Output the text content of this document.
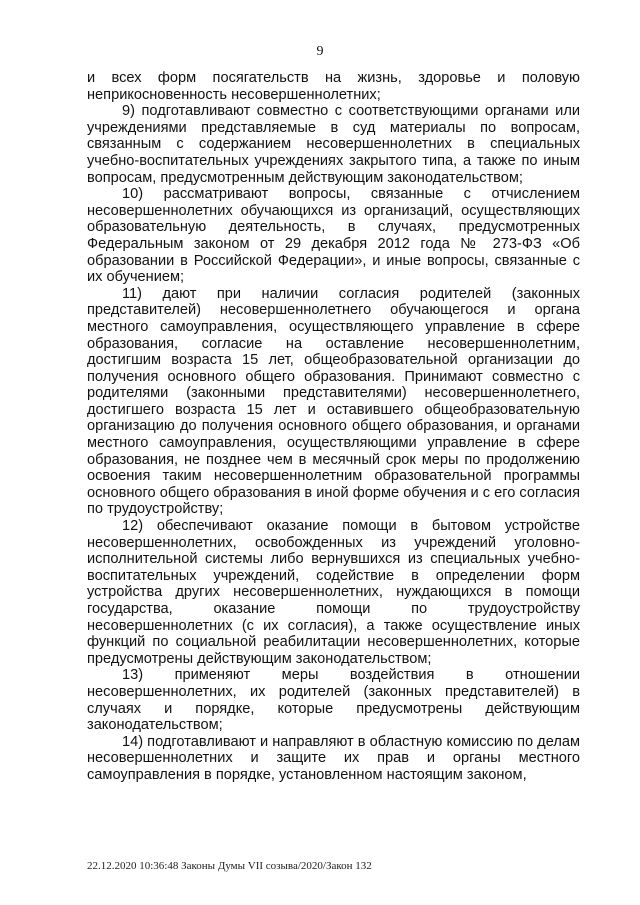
9

и всех форм посягательств на жизнь, здоровье и половую неприкосновенность несовершеннолетних;

9) подготавливают совместно с соответствующими органами или учреждениями представляемые в суд материалы по вопросам, связанным с содержанием несовершеннолетних в специальных учебно-воспитательных учреждениях закрытого типа, а также по иным вопросам, предусмотренным действующим законодательством;

10) рассматривают вопросы, связанные с отчислением несовершеннолетних обучающихся из организаций, осуществляющих образовательную деятельность, в случаях, предусмотренных Федеральным законом от 29 декабря 2012 года № 273-ФЗ «Об образовании в Российской Федерации», и иные вопросы, связанные с их обучением;

11) дают при наличии согласия родителей (законных представителей) несовершеннолетнего обучающегося и органа местного самоуправления, осуществляющего управление в сфере образования, согласие на оставление несовершеннолетним, достигшим возраста 15 лет, общеобразовательной организации до получения основного общего образования. Принимают совместно с родителями (законными представителями) несовершеннолетнего, достигшего возраста 15 лет и оставившего общеобразовательную организацию до получения основного общего образования, и органами местного самоуправления, осуществляющими управление в сфере образования, не позднее чем в месячный срок меры по продолжению освоения таким несовершеннолетним образовательной программы основного общего образования в иной форме обучения и с его согласия по трудоустройству;

12) обеспечивают оказание помощи в бытовом устройстве несовершеннолетних, освобожденных из учреждений уголовно-исполнительной системы либо вернувшихся из специальных учебно-воспитательных учреждений, содействие в определении форм устройства других несовершеннолетних, нуждающихся в помощи государства, оказание помощи по трудоустройству несовершеннолетних (с их согласия), а также осуществление иных функций по социальной реабилитации несовершеннолетних, которые предусмотрены действующим законодательством;

13) применяют меры воздействия в отношении несовершеннолетних, их родителей (законных представителей) в случаях и порядке, которые предусмотрены действующим законодательством;

14) подготавливают и направляют в областную комиссию по делам несовершеннолетних и защите их прав и органы местного самоуправления в порядке, установленном настоящим законом,

22.12.2020 10:36:48 Законы Думы VII созыва/2020/Закон 132
